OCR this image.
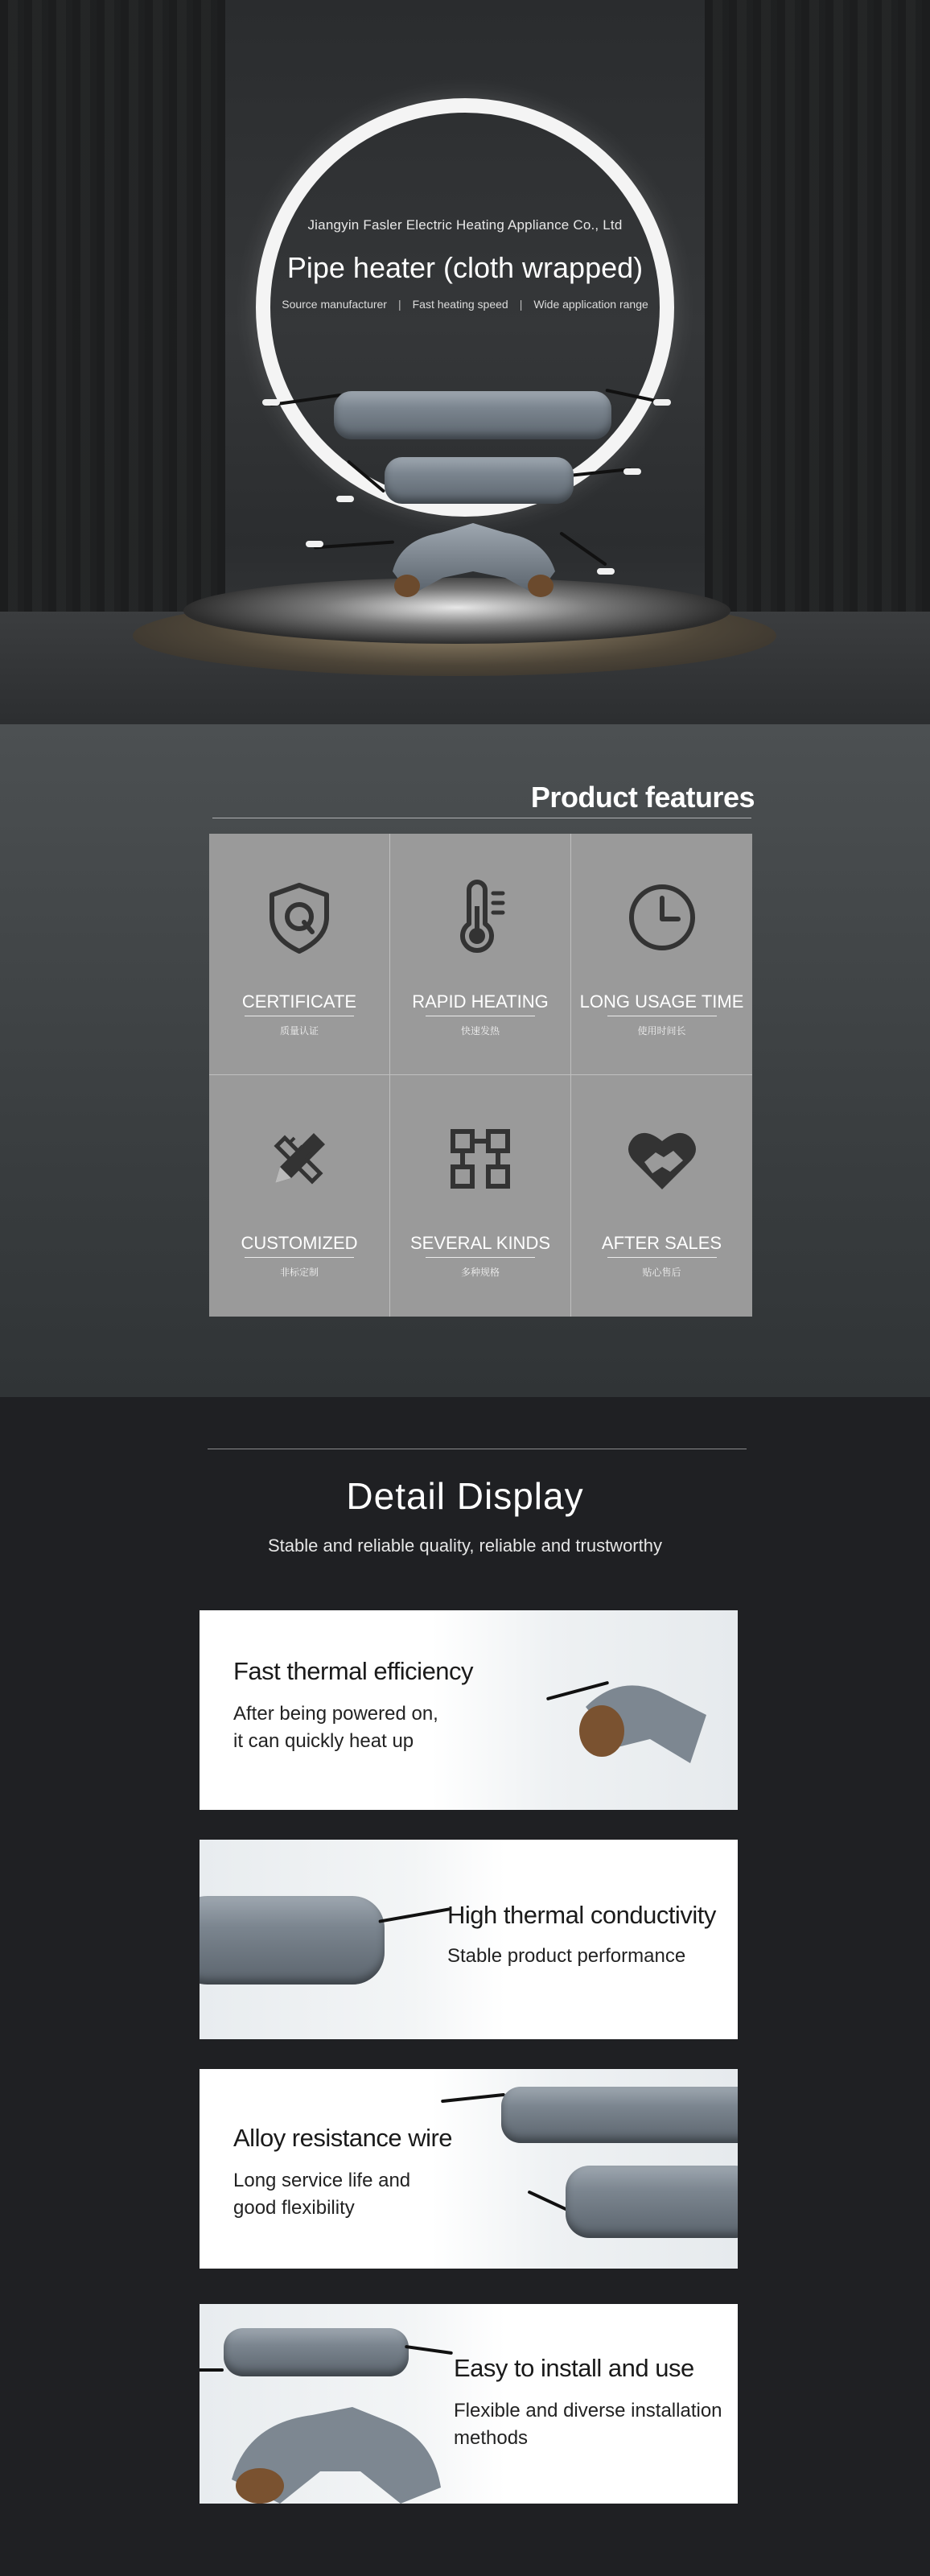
Jiangyin Fasler Electric Heating Appliance Co., Ltd
Pipe heater (cloth wrapped)
Source manufacturer | Fast heating speed | Wide application range
Product features
CERTIFICATE
质量认证
RAPID HEATING
快速发热
LONG USAGE TIME
使用时间长
CUSTOMIZED
非标定制
SEVERAL KINDS
多种规格
AFTER SALES
贴心售后
Detail Display
Stable and reliable quality, reliable and trustworthy
Fast thermal efficiency
After being powered on,
it can quickly heat up
High thermal conductivity
Stable product performance
Alloy resistance wire
Long service life and
good flexibility
Easy to install and use
Flexible and diverse installation
methods
